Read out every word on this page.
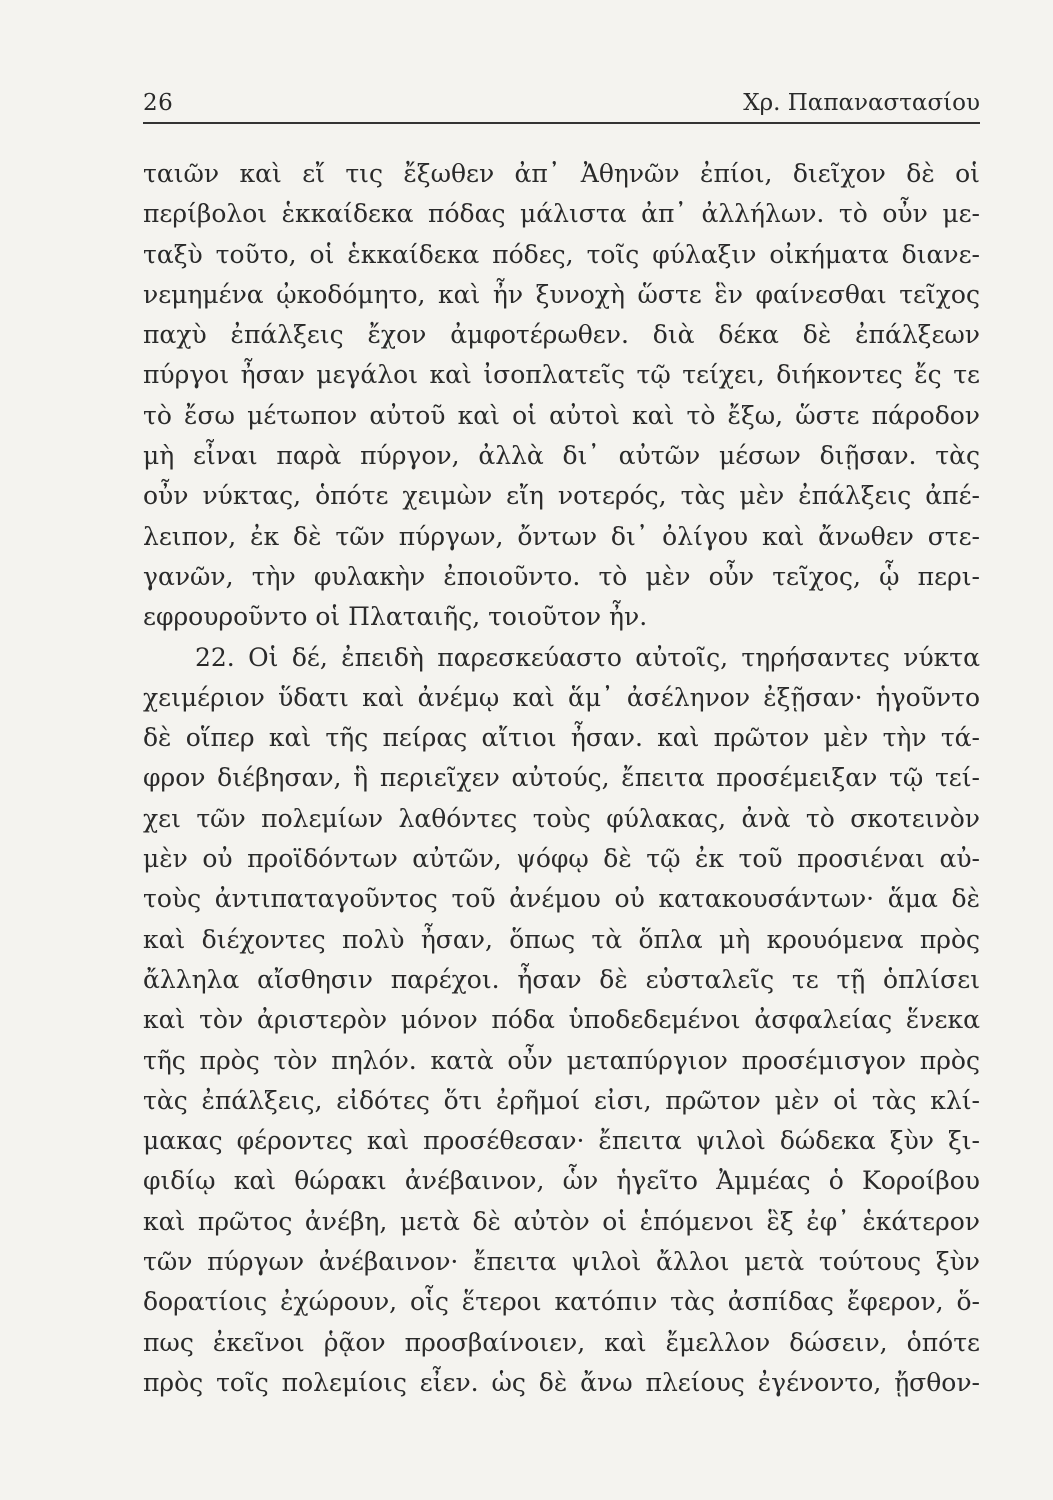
26	Χρ. Παπαναστασίου
ταιῶν καὶ εἴ τις ἔξωθεν ἀπ᾿ Ἀθηνῶν ἐπίοι, διεῖχον δὲ οἱ
περίβολοι ἑκκαίδεκα πόδας μάλιστα ἀπ᾿ ἀλλήλων. τὸ οὖν με-
ταξὺ τοῦτο, οἱ ἑκκαίδεκα πόδες, τοῖς φύλαξιν οἰκήματα διανε-
νεμημένα ᾠκοδόμητο, καὶ ἦν ξυνοχὴ ὥστε ἓν φαίνεσθαι τεῖχος
παχὺ ἐπάλξεις ἔχον ἀμφοτέρωθεν. διὰ δέκα δὲ ἐπάλξεων
πύργοι ἦσαν μεγάλοι καὶ ἰσοπλατεῖς τῷ τείχει, διήκοντες ἔς τε
τὸ ἔσω μέτωπον αὐτοῦ καὶ οἱ αὐτοὶ καὶ τὸ ἔξω, ὥστε πάροδον
μὴ εἶναι παρὰ πύργον, ἀλλὰ δι᾿ αὐτῶν μέσων διῇσαν. τὰς
οὖν νύκτας, ὁπότε χειμὼν εἴη νοτερός, τὰς μὲν ἐπάλξεις ἀπέ-
λειπον, ἐκ δὲ τῶν πύργων, ὄντων δι᾿ ὀλίγου καὶ ἄνωθεν στε-
γανῶν, τὴν φυλακὴν ἐποιοῦντο. τὸ μὲν οὖν τεῖχος, ᾧ περι-
εφρουροῦντο οἱ Πλαταιῆς, τοιοῦτον ἦν.
22. Οἱ δέ, ἐπειδὴ παρεσκεύαστο αὐτοῖς, τηρήσαντες νύκτα
χειμέριον ὕδατι καὶ ἀνέμῳ καὶ ἅμ᾿ ἀσέληνον ἐξῇσαν· ἡγοῦντο
δὲ οἵπερ καὶ τῆς πείρας αἴτιοι ἦσαν. καὶ πρῶτον μὲν τὴν τά-
φρον διέβησαν, ἣ περιεῖχεν αὐτούς, ἔπειτα προσέμειξαν τῷ τεί-
χει τῶν πολεμίων λαθόντες τοὺς φύλακας, ἀνὰ τὸ σκοτεινὸν
μὲν οὐ προϊδόντων αὐτῶν, ψόφῳ δὲ τῷ ἐκ τοῦ προσιέναι αὐ-
τοὺς ἀντιπαταγοῦντος τοῦ ἀνέμου οὐ κατακουσάντων· ἅμα δὲ
καὶ διέχοντες πολὺ ἦσαν, ὅπως τὰ ὅπλα μὴ κρουόμενα πρὸς
ἄλληλα αἴσθησιν παρέχοι. ἦσαν δὲ εὐσταλεῖς τε τῇ ὁπλίσει
καὶ τὸν ἀριστερὸν μόνον πόδα ὑποδεδεμένοι ἀσφαλείας ἕνεκα
τῆς πρὸς τὸν πηλόν. κατὰ οὖν μεταπύργιον προσέμισγον πρὸς
τὰς ἐπάλξεις, εἰδότες ὅτι ἐρῆμοί εἰσι, πρῶτον μὲν οἱ τὰς κλί-
μακας φέροντες καὶ προσέθεσαν· ἔπειτα ψιλοὶ δώδεκα ξὺν ξι-
φιδίῳ καὶ θώρακι ἀνέβαινον, ὧν ἡγεῖτο Ἀμμέας ὁ Κοροίβου
καὶ πρῶτος ἀνέβη, μετὰ δὲ αὐτὸν οἱ ἑπόμενοι ἓξ ἐφ᾿ ἑκάτερον
τῶν πύργων ἀνέβαινον· ἔπειτα ψιλοὶ ἄλλοι μετὰ τούτους ξὺν
δορατίοις ἐχώρουν, οἷς ἕτεροι κατόπιν τὰς ἀσπίδας ἔφερον, ὅ-
πως ἐκεῖνοι ῥᾷον προσβαίνοιεν, καὶ ἔμελλον δώσειν, ὁπότε
πρὸς τοῖς πολεμίοις εἶεν. ὡς δὲ ἄνω πλείους ἐγένοντο, ᾔσθον-
